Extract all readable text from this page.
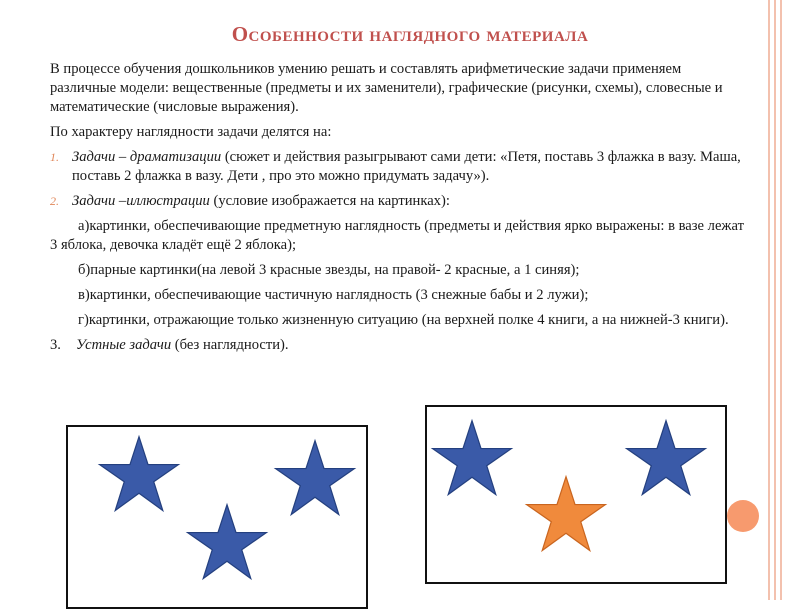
Особенности наглядного материала

В процессе обучения дошкольников умению решать и составлять арифметические задачи применяем различные модели: вещественные (предметы и их заменители), графические (рисунки, схемы), словесные и математические (числовые выражения).

По характеру наглядности задачи делятся на:

1. Задачи – драматизации (сюжет и действия разыгрывают сами дети: «Петя, поставь 3 флажка в вазу. Маша, поставь 2 флажка в вазу. Дети , про это можно придумать задачу»).
2. Задачи –иллюстрации (условие изображается на картинках):

а)картинки, обеспечивающие предметную наглядность (предметы и действия ярко выражены: в вазе лежат 3 яблока, девочка кладёт ещё 2 яблока);

б)парные картинки(на левой 3 красные звезды, на правой- 2 красные, а 1 синяя);

в)картинки, обеспечивающие частичную наглядность (3 снежные бабы и 2 лужи);

г)картинки, отражающие только жизненную ситуацию (на верхней полке 4 книги, а на нижней-3 книги).

3. Устные задачи (без наглядности).
